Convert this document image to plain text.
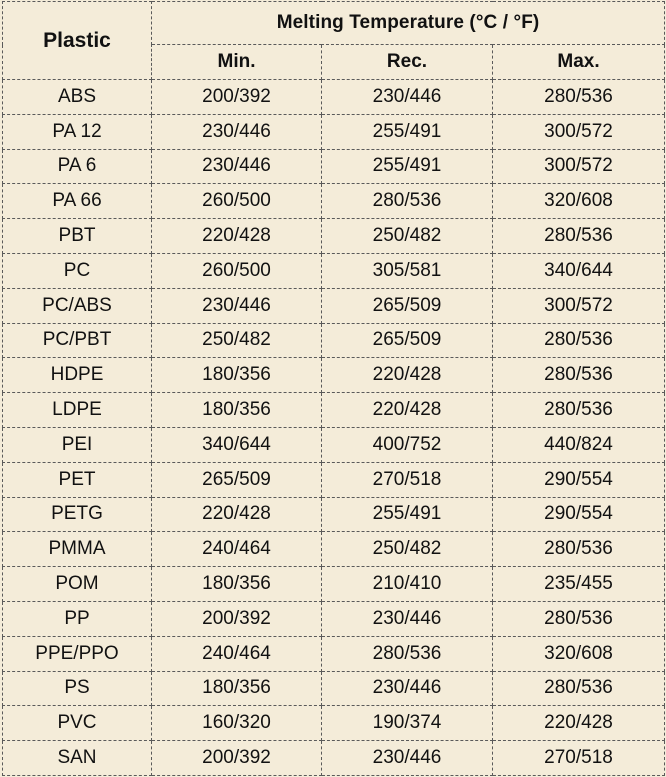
Plastic	Melting Temperature (°C / °F)		
	Min.	Rec.	Max.
ABS	200/392	230/446	280/536
PA 12	230/446	255/491	300/572
PA 6	230/446	255/491	300/572
PA 66	260/500	280/536	320/608
PBT	220/428	250/482	280/536
PC	260/500	305/581	340/644
PC/ABS	230/446	265/509	300/572
PC/PBT	250/482	265/509	280/536
HDPE	180/356	220/428	280/536
LDPE	180/356	220/428	280/536
PEI	340/644	400/752	440/824
PET	265/509	270/518	290/554
PETG	220/428	255/491	290/554
PMMA	240/464	250/482	280/536
POM	180/356	210/410	235/455
PP	200/392	230/446	280/536
PPE/PPO	240/464	280/536	320/608
PS	180/356	230/446	280/536
PVC	160/320	190/374	220/428
SAN	200/392	230/446	270/518
